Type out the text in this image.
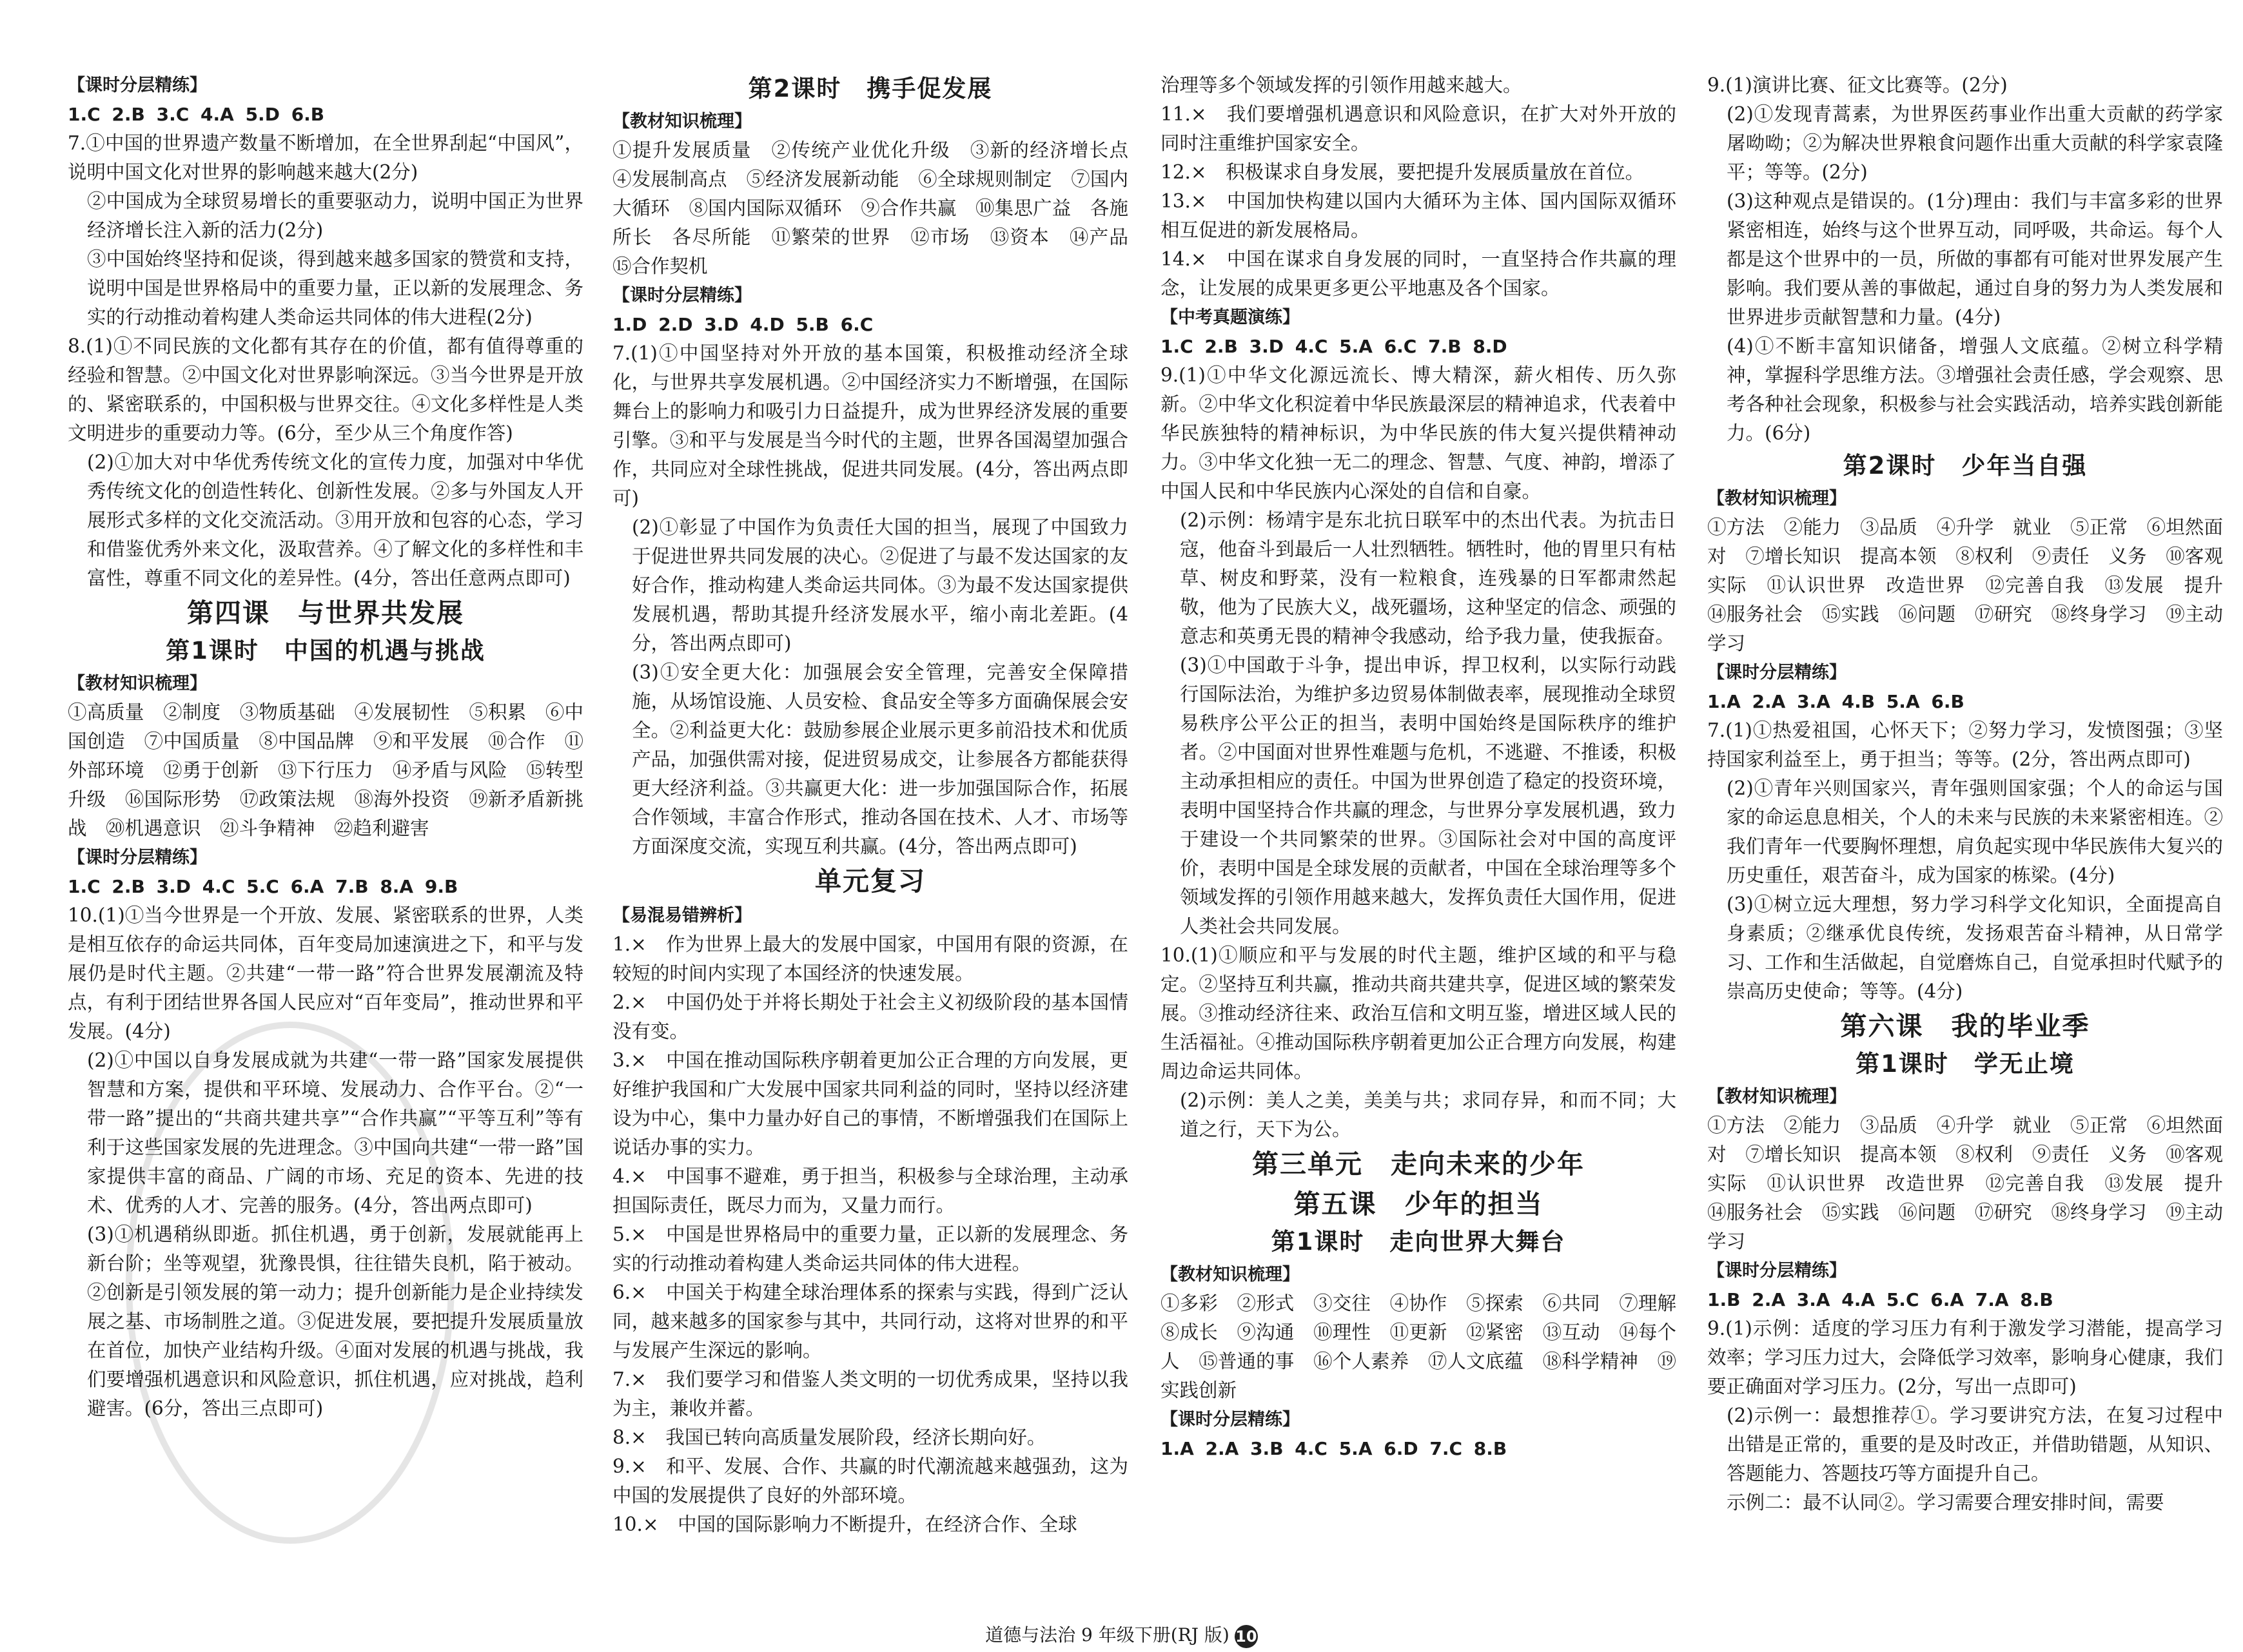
【课时分层精练】

1.C 2.B 3.C 4.A 5.D 6.B

7.①中国的世界遗产数量不断增加，在全世界刮起“中国风”，说明中国文化对世界的影响越来越大(2分)

②中国成为全球贸易增长的重要驱动力，说明中国正为世界经济增长注入新的活力(2分)

③中国始终坚持和促谈，得到越来越多国家的赞赏和支持，说明中国是世界格局中的重要力量，正以新的发展理念、务实的行动推动着构建人类命运共同体的伟大进程(2分)

8.(1)①不同民族的文化都有其存在的价值，都有值得尊重的经验和智慧。②中国文化对世界影响深远。③当今世界是开放的、紧密联系的，中国积极与世界交往。④文化多样性是人类文明进步的重要动力等。(6分，至少从三个角度作答)

(2)①加大对中华优秀传统文化的宣传力度，加强对中华优秀传统文化的创造性转化、创新性发展。②多与外国友人开展形式多样的文化交流活动。③用开放和包容的心态，学习和借鉴优秀外来文化，汲取营养。④了解文化的多样性和丰富性，尊重不同文化的差异性。(4分，答出任意两点即可)

第四课　与世界共发展
第1课时　中国的机遇与挑战
【教材知识梳理】

①高质量　②制度　③物质基础　④发展韧性　⑤积累　⑥中国创造　⑦中国质量　⑧中国品牌　⑨和平发展　⑩合作　⑪外部环境　⑫勇于创新　⑬下行压力　⑭矛盾与风险　⑮转型升级　⑯国际形势　⑰政策法规　⑱海外投资　⑲新矛盾新挑战　⑳机遇意识　㉑斗争精神　㉒趋利避害

【课时分层精练】

1.C 2.B 3.D 4.C 5.C 6.A 7.B 8.A 9.B

10.(1)①当今世界是一个开放、发展、紧密联系的世界，人类是相互依存的命运共同体，百年变局加速演进之下，和平与发展仍是时代主题。②共建“一带一路”符合世界发展潮流及特点，有利于团结世界各国人民应对“百年变局”，推动世界和平发展。(4分)

(2)①中国以自身发展成就为共建“一带一路”国家发展提供智慧和方案，提供和平环境、发展动力、合作平台。②“一带一路”提出的“共商共建共享”“合作共赢”“平等互利”等有利于这些国家发展的先进理念。③中国向共建“一带一路”国家提供丰富的商品、广阔的市场、充足的资本、先进的技术、优秀的人才、完善的服务。(4分，答出两点即可)

(3)①机遇稍纵即逝。抓住机遇，勇于创新，发展就能再上新台阶；坐等观望，犹豫畏惧，往往错失良机，陷于被动。②创新是引领发展的第一动力；提升创新能力是企业持续发展之基、市场制胜之道。③促进发展，要把提升发展质量放在首位，加快产业结构升级。④面对发展的机遇与挑战，我们要增强机遇意识和风险意识，抓住机遇，应对挑战，趋利避害。(6分，答出三点即可)

第2课时　携手促发展
【教材知识梳理】

①提升发展质量　②传统产业优化升级　③新的经济增长点　④发展制高点　⑤经济发展新动能　⑥全球规则制定　⑦国内大循环　⑧国内国际双循环　⑨合作共赢　⑩集思广益　各施所长　各尽所能　⑪繁荣的世界　⑫市场　⑬资本　⑭产品　⑮合作契机

【课时分层精练】

1.D 2.D 3.D 4.D 5.B 6.C

7.(1)①中国坚持对外开放的基本国策，积极推动经济全球化，与世界共享发展机遇。②中国经济实力不断增强，在国际舞台上的影响力和吸引力日益提升，成为世界经济发展的重要引擎。③和平与发展是当今时代的主题，世界各国渴望加强合作，共同应对全球性挑战，促进共同发展。(4分，答出两点即可)

(2)①彰显了中国作为负责任大国的担当，展现了中国致力于促进世界共同发展的决心。②促进了与最不发达国家的友好合作，推动构建人类命运共同体。③为最不发达国家提供发展机遇，帮助其提升经济发展水平，缩小南北差距。(4分，答出两点即可)

(3)①安全更大化：加强展会安全管理，完善安全保障措施，从场馆设施、人员安检、食品安全等多方面确保展会安全。②利益更大化：鼓励参展企业展示更多前沿技术和优质产品，加强供需对接，促进贸易成交，让参展各方都能获得更大经济利益。③共赢更大化：进一步加强国际合作，拓展合作领域，丰富合作形式，推动各国在技术、人才、市场等方面深度交流，实现互利共赢。(4分，答出两点即可)

单元复习
【易混易错辨析】

1.×　作为世界上最大的发展中国家，中国用有限的资源，在较短的时间内实现了本国经济的快速发展。

2.×　中国仍处于并将长期处于社会主义初级阶段的基本国情没有变。

3.×　中国在推动国际秩序朝着更加公正合理的方向发展，更好维护我国和广大发展中国家共同利益的同时，坚持以经济建设为中心，集中力量办好自己的事情，不断增强我们在国际上说话办事的实力。

4.×　中国事不避难，勇于担当，积极参与全球治理，主动承担国际责任，既尽力而为，又量力而行。

5.×　中国是世界格局中的重要力量，正以新的发展理念、务实的行动推动着构建人类命运共同体的伟大进程。

6.×　中国关于构建全球治理体系的探索与实践，得到广泛认同，越来越多的国家参与其中，共同行动，这将对世界的和平与发展产生深远的影响。

7.×　我们要学习和借鉴人类文明的一切优秀成果，坚持以我为主，兼收并蓄。

8.×　我国已转向高质量发展阶段，经济长期向好。

9.×　和平、发展、合作、共赢的时代潮流越来越强劲，这为中国的发展提供了良好的外部环境。

10.×　中国的国际影响力不断提升，在经济合作、全球

治理等多个领域发挥的引领作用越来越大。

11.×　我们要增强机遇意识和风险意识，在扩大对外开放的同时注重维护国家安全。

12.×　积极谋求自身发展，要把提升发展质量放在首位。

13.×　中国加快构建以国内大循环为主体、国内国际双循环相互促进的新发展格局。

14.×　中国在谋求自身发展的同时，一直坚持合作共赢的理念，让发展的成果更多更公平地惠及各个国家。

【中考真题演练】

1.C 2.B 3.D 4.C 5.A 6.C 7.B 8.D

9.(1)①中华文化源远流长、博大精深，薪火相传、历久弥新。②中华文化积淀着中华民族最深层的精神追求，代表着中华民族独特的精神标识，为中华民族的伟大复兴提供精神动力。③中华文化独一无二的理念、智慧、气度、神韵，增添了中国人民和中华民族内心深处的自信和自豪。

(2)示例：杨靖宇是东北抗日联军中的杰出代表。为抗击日寇，他奋斗到最后一人壮烈牺牲。牺牲时，他的胃里只有枯草、树皮和野菜，没有一粒粮食，连残暴的日军都肃然起敬，他为了民族大义，战死疆场，这种坚定的信念、顽强的意志和英勇无畏的精神令我感动，给予我力量，使我振奋。

(3)①中国敢于斗争，提出申诉，捍卫权利，以实际行动践行国际法治，为维护多边贸易体制做表率，展现推动全球贸易秩序公平公正的担当，表明中国始终是国际秩序的维护者。②中国面对世界性难题与危机，不逃避、不推诿，积极主动承担相应的责任。中国为世界创造了稳定的投资环境，表明中国坚持合作共赢的理念，与世界分享发展机遇，致力于建设一个共同繁荣的世界。③国际社会对中国的高度评价，表明中国是全球发展的贡献者，中国在全球治理等多个领域发挥的引领作用越来越大，发挥负责任大国作用，促进人类社会共同发展。

10.(1)①顺应和平与发展的时代主题，维护区域的和平与稳定。②坚持互利共赢，推动共商共建共享，促进区域的繁荣发展。③推动经济往来、政治互信和文明互鉴，增进区域人民的生活福祉。④推动国际秩序朝着更加公正合理方向发展，构建周边命运共同体。

(2)示例：美人之美，美美与共；求同存异，和而不同；大道之行，天下为公。

第三单元　走向未来的少年
第五课　少年的担当
第1课时　走向世界大舞台
【教材知识梳理】

①多彩　②形式　③交往　④协作　⑤探索　⑥共同　⑦理解　⑧成长　⑨沟通　⑩理性　⑪更新　⑫紧密　⑬互动　⑭每个人　⑮普通的事　⑯个人素养　⑰人文底蕴　⑱科学精神　⑲实践创新

【课时分层精练】

1.A 2.A 3.B 4.C 5.A 6.D 7.C 8.B

9.(1)演讲比赛、征文比赛等。(2分)

(2)①发现青蒿素，为世界医药事业作出重大贡献的药学家屠呦呦；②为解决世界粮食问题作出重大贡献的科学家袁隆平；等等。(2分)

(3)这种观点是错误的。(1分)理由：我们与丰富多彩的世界紧密相连，始终与这个世界互动，同呼吸，共命运。每个人都是这个世界中的一员，所做的事都有可能对世界发展产生影响。我们要从善的事做起，通过自身的努力为人类发展和世界进步贡献智慧和力量。(4分)

(4)①不断丰富知识储备，增强人文底蕴。②树立科学精神，掌握科学思维方法。③增强社会责任感，学会观察、思考各种社会现象，积极参与社会实践活动，培养实践创新能力。(6分)

第2课时　少年当自强
【教材知识梳理】

①方法　②能力　③品质　④升学　就业　⑤正常　⑥坦然面对　⑦增长知识　提高本领　⑧权利　⑨责任　义务　⑩客观实际　⑪认识世界　改造世界　⑫完善自我　⑬发展　提升　⑭服务社会　⑮实践　⑯问题　⑰研究　⑱终身学习　⑲主动学习

【课时分层精练】

1.A 2.A 3.A 4.B 5.A 6.B

7.(1)①热爱祖国，心怀天下；②努力学习，发愤图强；③坚持国家利益至上，勇于担当；等等。(2分，答出两点即可)

(2)①青年兴则国家兴，青年强则国家强；个人的命运与国家的命运息息相关，个人的未来与民族的未来紧密相连。②我们青年一代要胸怀理想，肩负起实现中华民族伟大复兴的历史重任，艰苦奋斗，成为国家的栋梁。(4分)

(3)①树立远大理想，努力学习科学文化知识，全面提高自身素质；②继承优良传统，发扬艰苦奋斗精神，从日常学习、工作和生活做起，自觉磨炼自己，自觉承担时代赋予的崇高历史使命；等等。(4分)

第六课　我的毕业季
第1课时　学无止境
【教材知识梳理】

①方法　②能力　③品质　④升学　就业　⑤正常　⑥坦然面对　⑦增长知识　提高本领　⑧权利　⑨责任　义务　⑩客观实际　⑪认识世界　改造世界　⑫完善自我　⑬发展　提升　⑭服务社会　⑮实践　⑯问题　⑰研究　⑱终身学习　⑲主动学习

【课时分层精练】

1.B 2.A 3.A 4.A 5.C 6.A 7.A 8.B

9.(1)示例：适度的学习压力有利于激发学习潜能，提高学习效率；学习压力过大，会降低学习效率，影响身心健康，我们要正确面对学习压力。(2分，写出一点即可)

(2)示例一：最想推荐①。学习要讲究方法，在复习过程中出错是正常的，重要的是及时改正，并借助错题，从知识、答题能力、答题技巧等方面提升自己。

示例二：最不认同②。学习需要合理安排时间，需要

道德与法治 9 年级下册(RJ 版) 10
